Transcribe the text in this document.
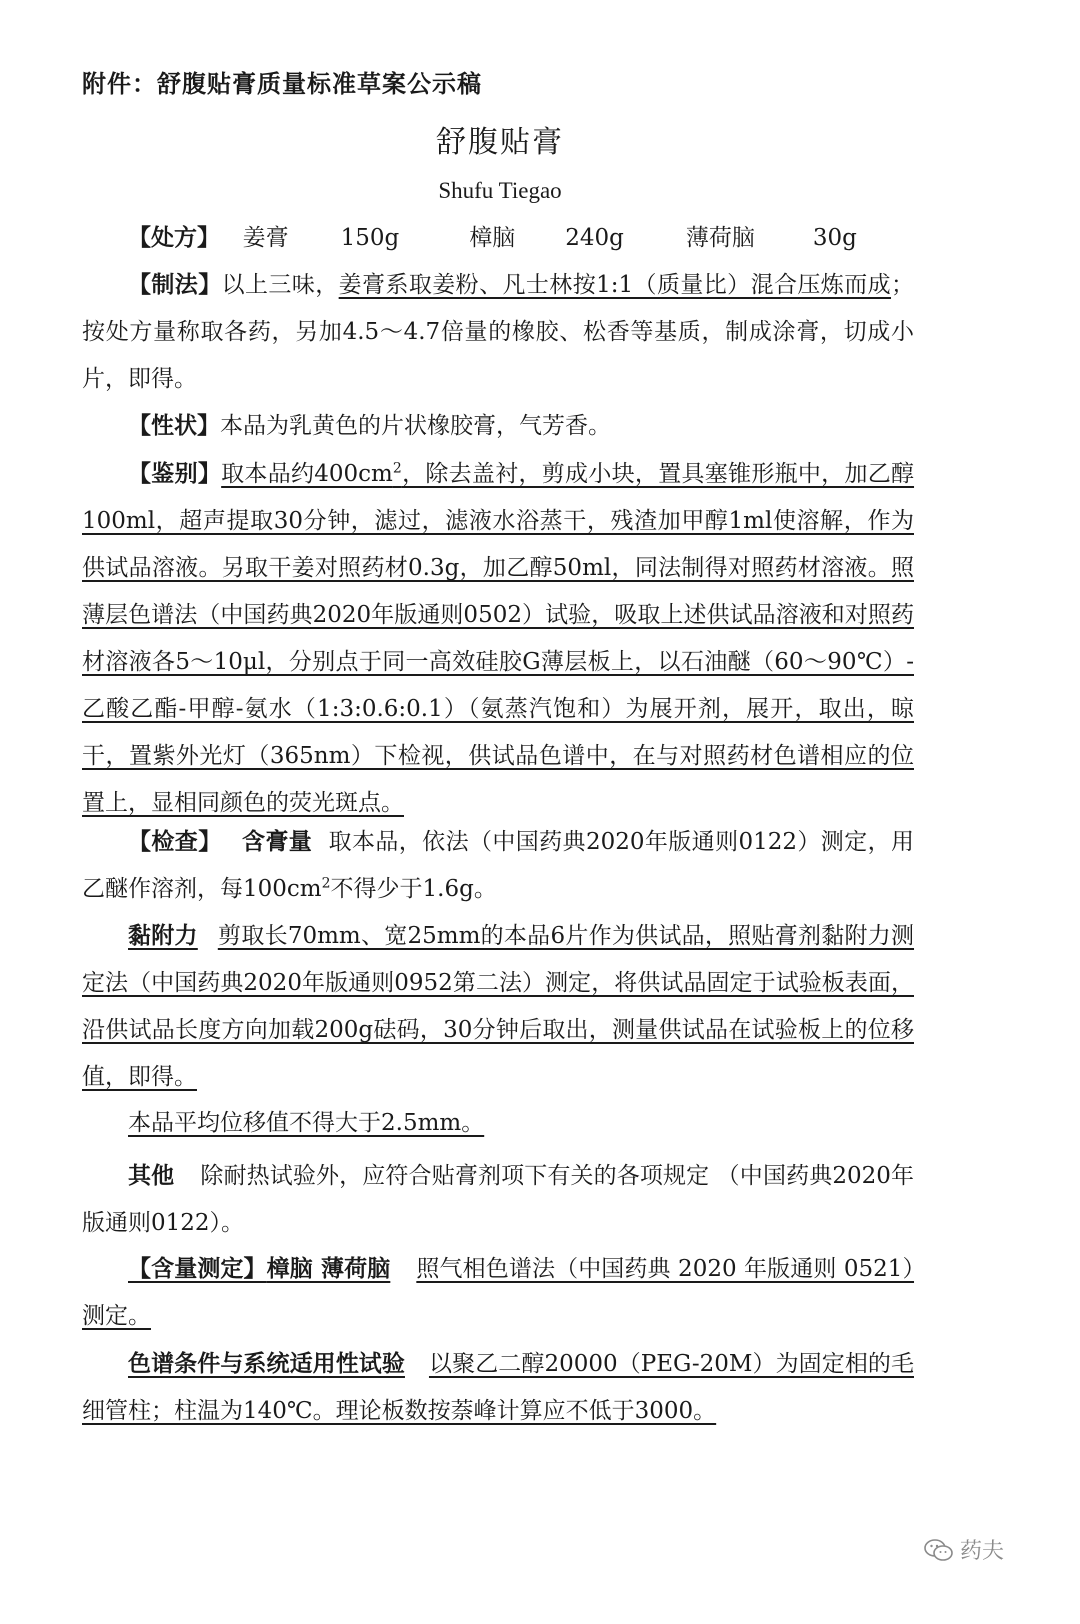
附件：舒腹贴膏质量标准草案公示稿
舒腹贴膏
Shufu Tiegao

【处方】 姜膏 150g	樟脑 240g	薄荷脑	30g

【制法】以上三味，姜膏系取姜粉、凡士林按1:1（质量比）混合压炼而成；按处方量称取各药，另加4.5～4.7倍量的橡胶、松香等基质，制成涂膏，切成小片，即得。

【性状】本品为乳黄色的片状橡胶膏，气芳香。

【鉴别】取本品约$400cm^2$，除去盖衬，剪成小块，置具塞锥形瓶中，加乙醇100ml，超声提取30分钟，滤过，滤液水浴蒸干，残渣加甲醇1ml使溶解，作为供试品溶液。另取干姜对照药材0.3g，加乙醇50ml，同法制得对照药材溶液。照薄层色谱法（中国药典2020年版通则0502）试验，吸取上述供试品溶液和对照药材溶液各5～10μl，分别点于同一高效硅胶G薄层板上，以石油醚（60～90℃）-乙酸乙酯-甲醇-氨水（1:3:0.6:0.1）（氨蒸汽饱和）为展开剂，展开，取出，晾干，置紫外光灯（365nm）下检视，供试品色谱中，在与对照药材色谱相应的位置上，显相同颜色的荧光斑点。

【检查】 含膏量 取本品，依法（中国药典2020年版通则0122）测定，用乙醚作溶剂，每$100cm^2$不得少于1.6g。

黏附力 剪取长70mm、宽25mm的本品6片作为供试品，照贴膏剂黏附力测定法（中国药典2020年版通则0952第二法）测定，将供试品固定于试验板表面，沿供试品长度方向加载200g砝码，30分钟后取出，测量供试品在试验板上的位移值，即得。

本品平均位移值不得大于2.5mm。

其他 除耐热试验外，应符合贴膏剂项下有关的各项规定 （中国药典2020年版通则0122）。

【含量测定】樟脑 薄荷脑 照气相色谱法（中国药典 2020 年版通则 0521）测定。

色谱条件与系统适用性试验 以聚乙二醇20000（PEG-20M）为固定相的毛细管柱；柱温为140℃。理论板数按萘峰计算应不低于3000。

药夫
